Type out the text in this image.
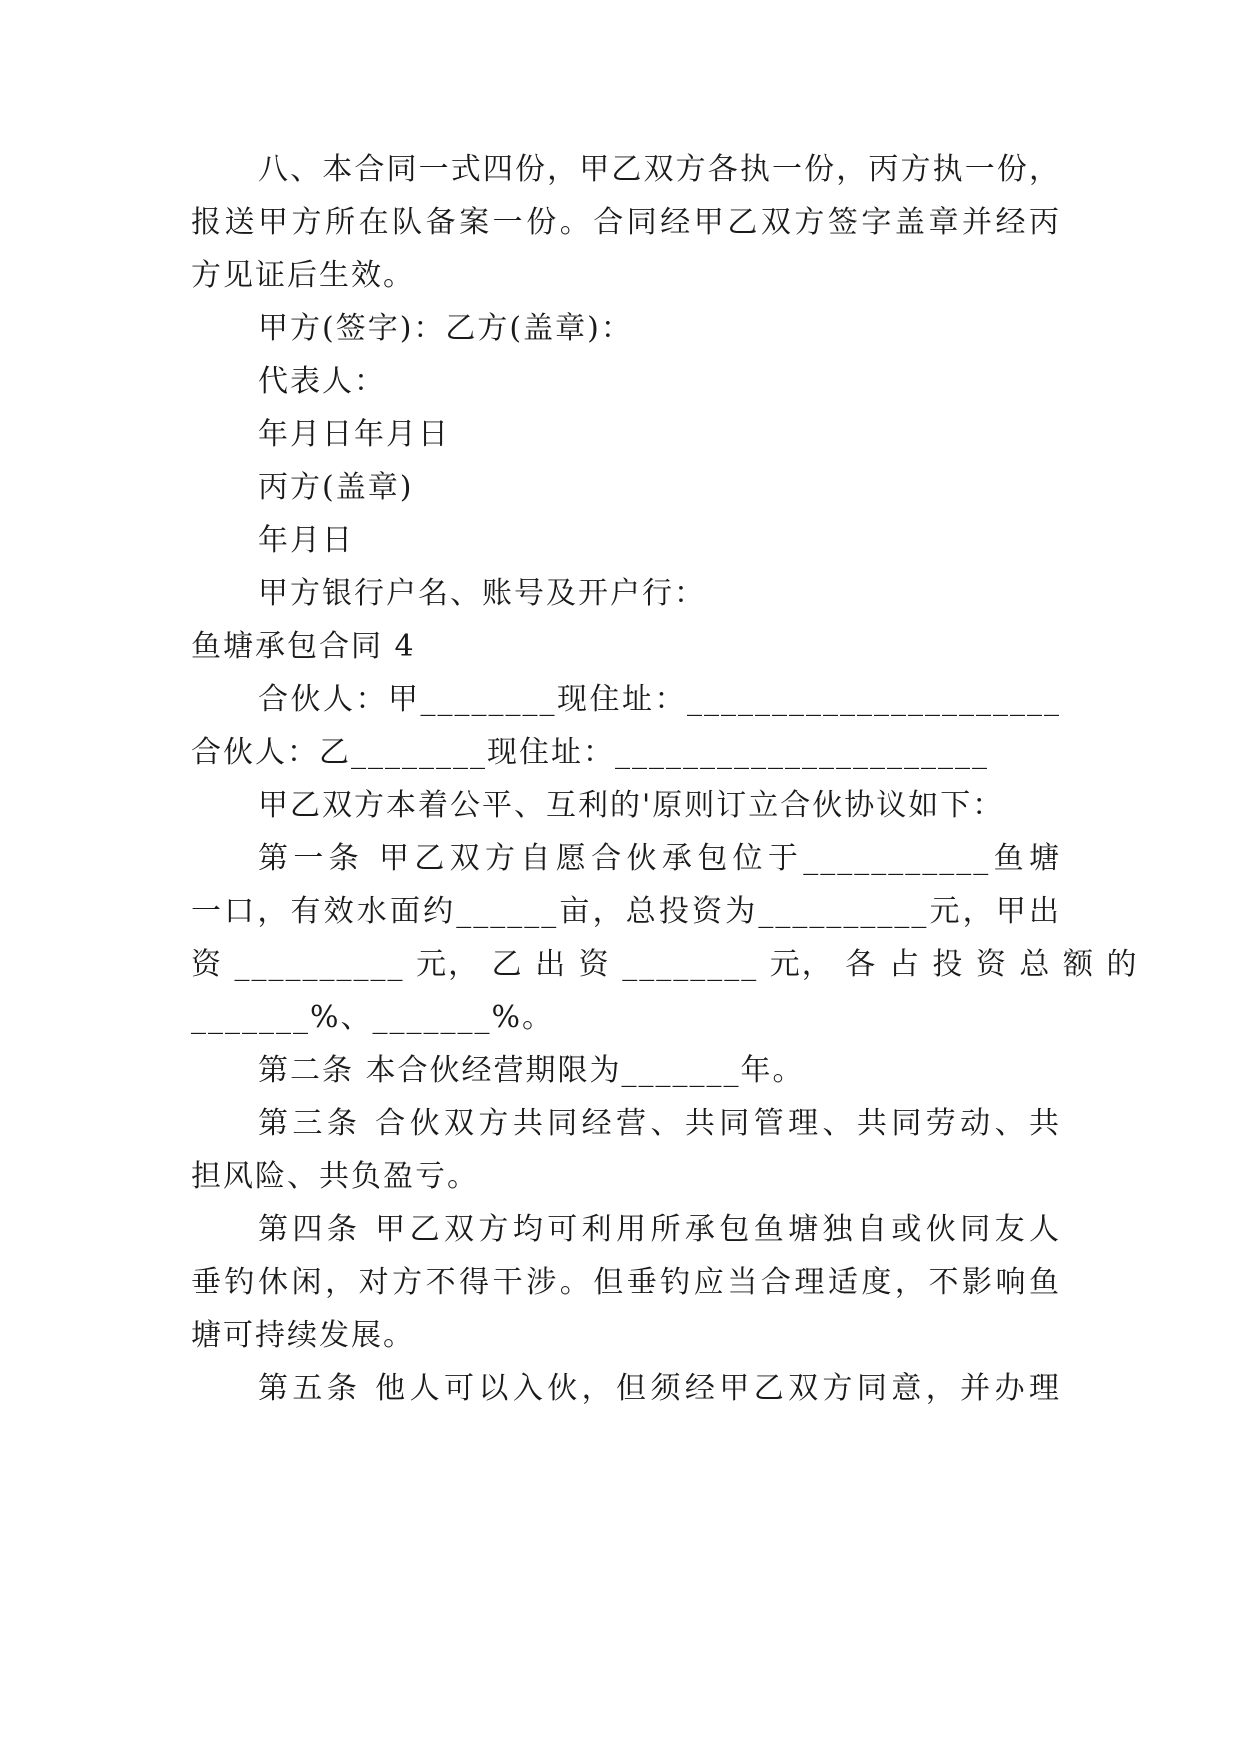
八、本合同一式四份，甲乙双方各执一份，丙方执一份，
报送甲方所在队备案一份。合同经甲乙双方签字盖章并经丙
方见证后生效。
甲方(签字)：乙方(盖章)：
代表人：
年月日年月日
丙方(盖章)
年月日
甲方银行户名、账号及开户行：
鱼塘承包合同 4
合伙人：甲________现住址：______________________
合伙人：乙________现住址：______________________
甲乙双方本着公平、互利的'原则订立合伙协议如下：
第一条 甲乙双方自愿合伙承包位于___________鱼塘
一口，有效水面约______亩，总投资为__________元，甲出
资 __________ 元， 乙 出 资 ________ 元， 各 占 投 资 总 额 的
_______%、_______%。
第二条 本合伙经营期限为_______年。
第三条 合伙双方共同经营、共同管理、共同劳动、共
担风险、共负盈亏。
第四条 甲乙双方均可利用所承包鱼塘独自或伙同友人
垂钓休闲，对方不得干涉。但垂钓应当合理适度，不影响鱼
塘可持续发展。
第五条 他人可以入伙，但须经甲乙双方同意，并办理
